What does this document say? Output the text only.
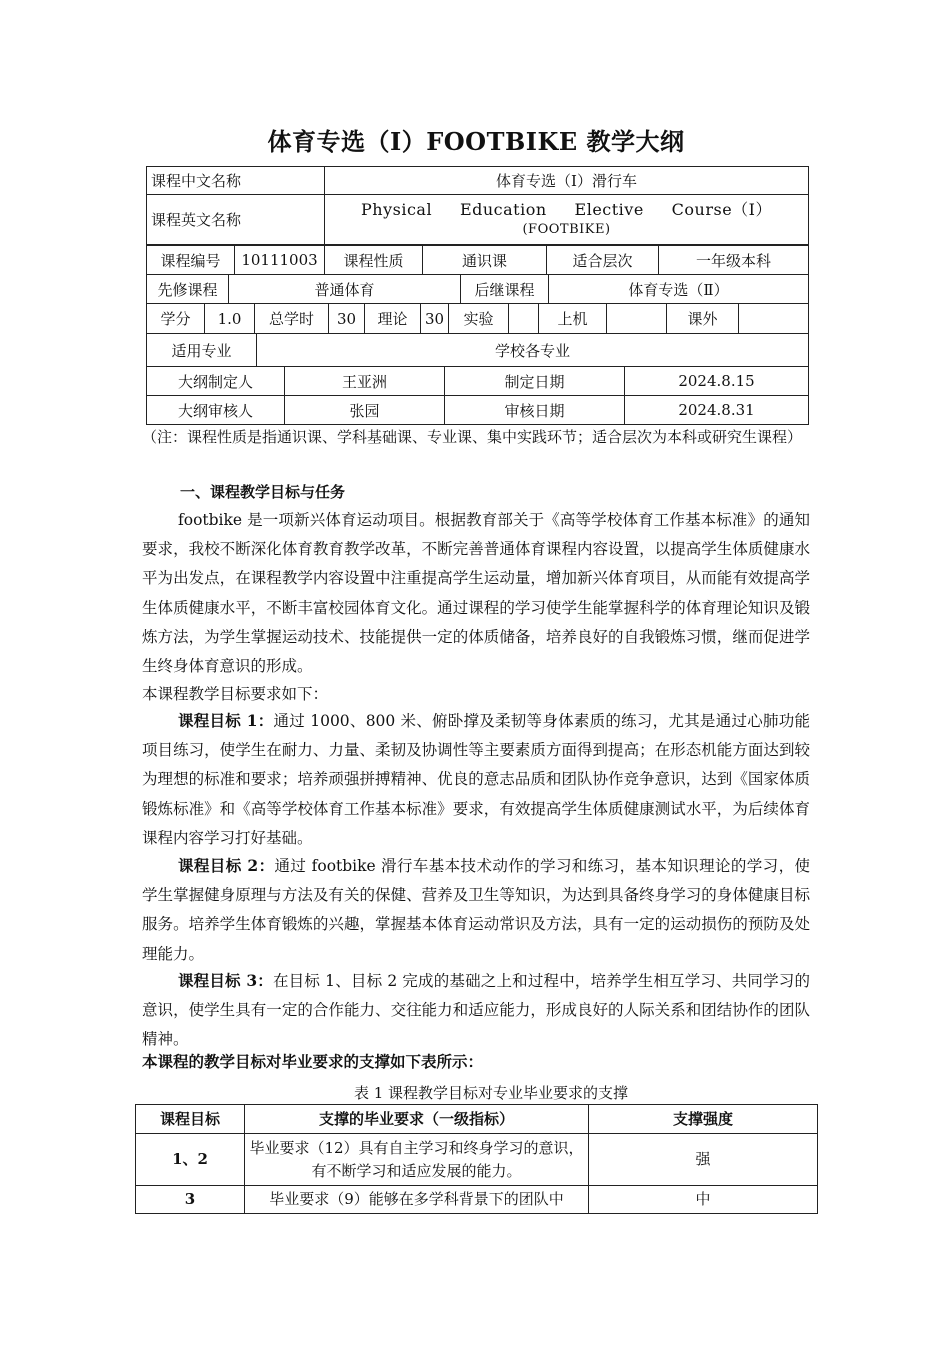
体育专选（Ⅰ）FOOTBIKE 教学大纲
课程中文名称	体育专选（Ⅰ）滑行车
课程英文名称	Physical Education Elective Course（Ⅰ）
(FOOTBIKE)
课程编号	10111003	课程性质	通识课	适合层次	一年级本科
先修课程	普通体育	后继课程	体育专选（Ⅱ）
学分	1.0	总学时	30	理论	30	实验		上机		课外	
适用专业	学校各专业
大纲制定人	王亚洲	制定日期	2024.8.15
大纲审核人	张园	审核日期	2024.8.31
（注：课程性质是指通识课、学科基础课、专业课、集中实践环节；适合层次为本科或研究生课程）
一、课程教学目标与任务
footbike 是一项新兴体育运动项目。根据教育部关于《高等学校体育工作基本标准》的通知要求，我校不断深化体育教育教学改革，不断完善普通体育课程内容设置，以提高学生体质健康水平为出发点，在课程教学内容设置中注重提高学生运动量，增加新兴体育项目，从而能有效提高学生体质健康水平，不断丰富校园体育文化。通过课程的学习使学生能掌握科学的体育理论知识及锻炼方法，为学生掌握运动技术、技能提供一定的体质储备，培养良好的自我锻炼习惯，继而促进学生终身体育意识的形成。
本课程教学目标要求如下：
课程目标 1：通过 1000、800 米、俯卧撑及柔韧等身体素质的练习，尤其是通过心肺功能项目练习，使学生在耐力、力量、柔韧及协调性等主要素质方面得到提高；在形态机能方面达到较为理想的标准和要求；培养顽强拼搏精神、优良的意志品质和团队协作竞争意识，达到《国家体质锻炼标准》和《高等学校体育工作基本标准》要求，有效提高学生体质健康测试水平，为后续体育课程内容学习打好基础。
课程目标 2：通过 footbike 滑行车基本技术动作的学习和练习，基本知识理论的学习，使学生掌握健身原理与方法及有关的保健、营养及卫生等知识，为达到具备终身学习的身体健康目标服务。培养学生体育锻炼的兴趣，掌握基本体育运动常识及方法，具有一定的运动损伤的预防及处理能力。
课程目标 3：在目标 1、目标 2 完成的基础之上和过程中，培养学生相互学习、共同学习的意识，使学生具有一定的合作能力、交往能力和适应能力，形成良好的人际关系和团结协作的团队精神。
本课程的教学目标对毕业要求的支撑如下表所示：
表 1 课程教学目标对专业毕业要求的支撑
课程目标	支撑的毕业要求（一级指标）	支撑强度
1、2	毕业要求（12）具有自主学习和终身学习的意识，有不断学习和适应发展的能力。	强
3	毕业要求（9）能够在多学科背景下的团队中	中
